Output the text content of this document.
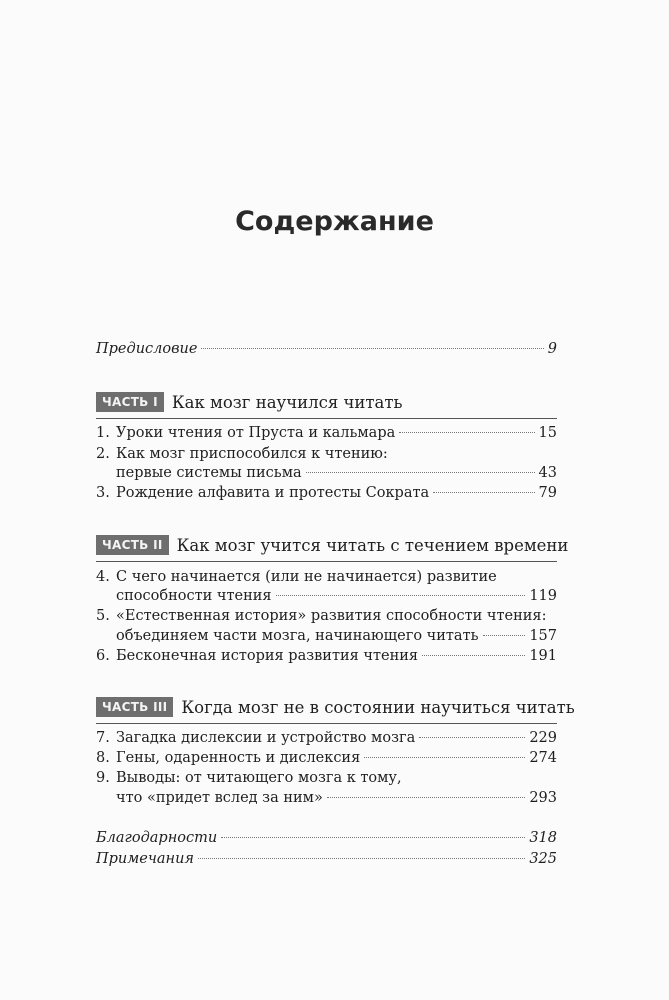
Содержание
Предисловие	9
ЧАСТЬ I Как мозг научился читать
1. Уроки чтения от Пруста и кальмара	15
2. Как мозг приспособился к чтению:
первые системы письма	43
3. Рождение алфавита и протесты Сократа	79
ЧАСТЬ II Как мозг учится читать с течением времени
4. С чего начинается (или не начинается) развитие
способности чтения	119
5. «Естественная история» развития способности чтения:
объединяем части мозга, начинающего читать	157
6. Бесконечная история развития чтения	191
ЧАСТЬ III Когда мозг не в состоянии научиться читать
7. Загадка дислексии и устройство мозга	229
8. Гены, одаренность и дислексия	274
9. Выводы: от читающего мозга к тому,
что «придет вслед за ним»	293
Благодарности	318
Примечания	325
